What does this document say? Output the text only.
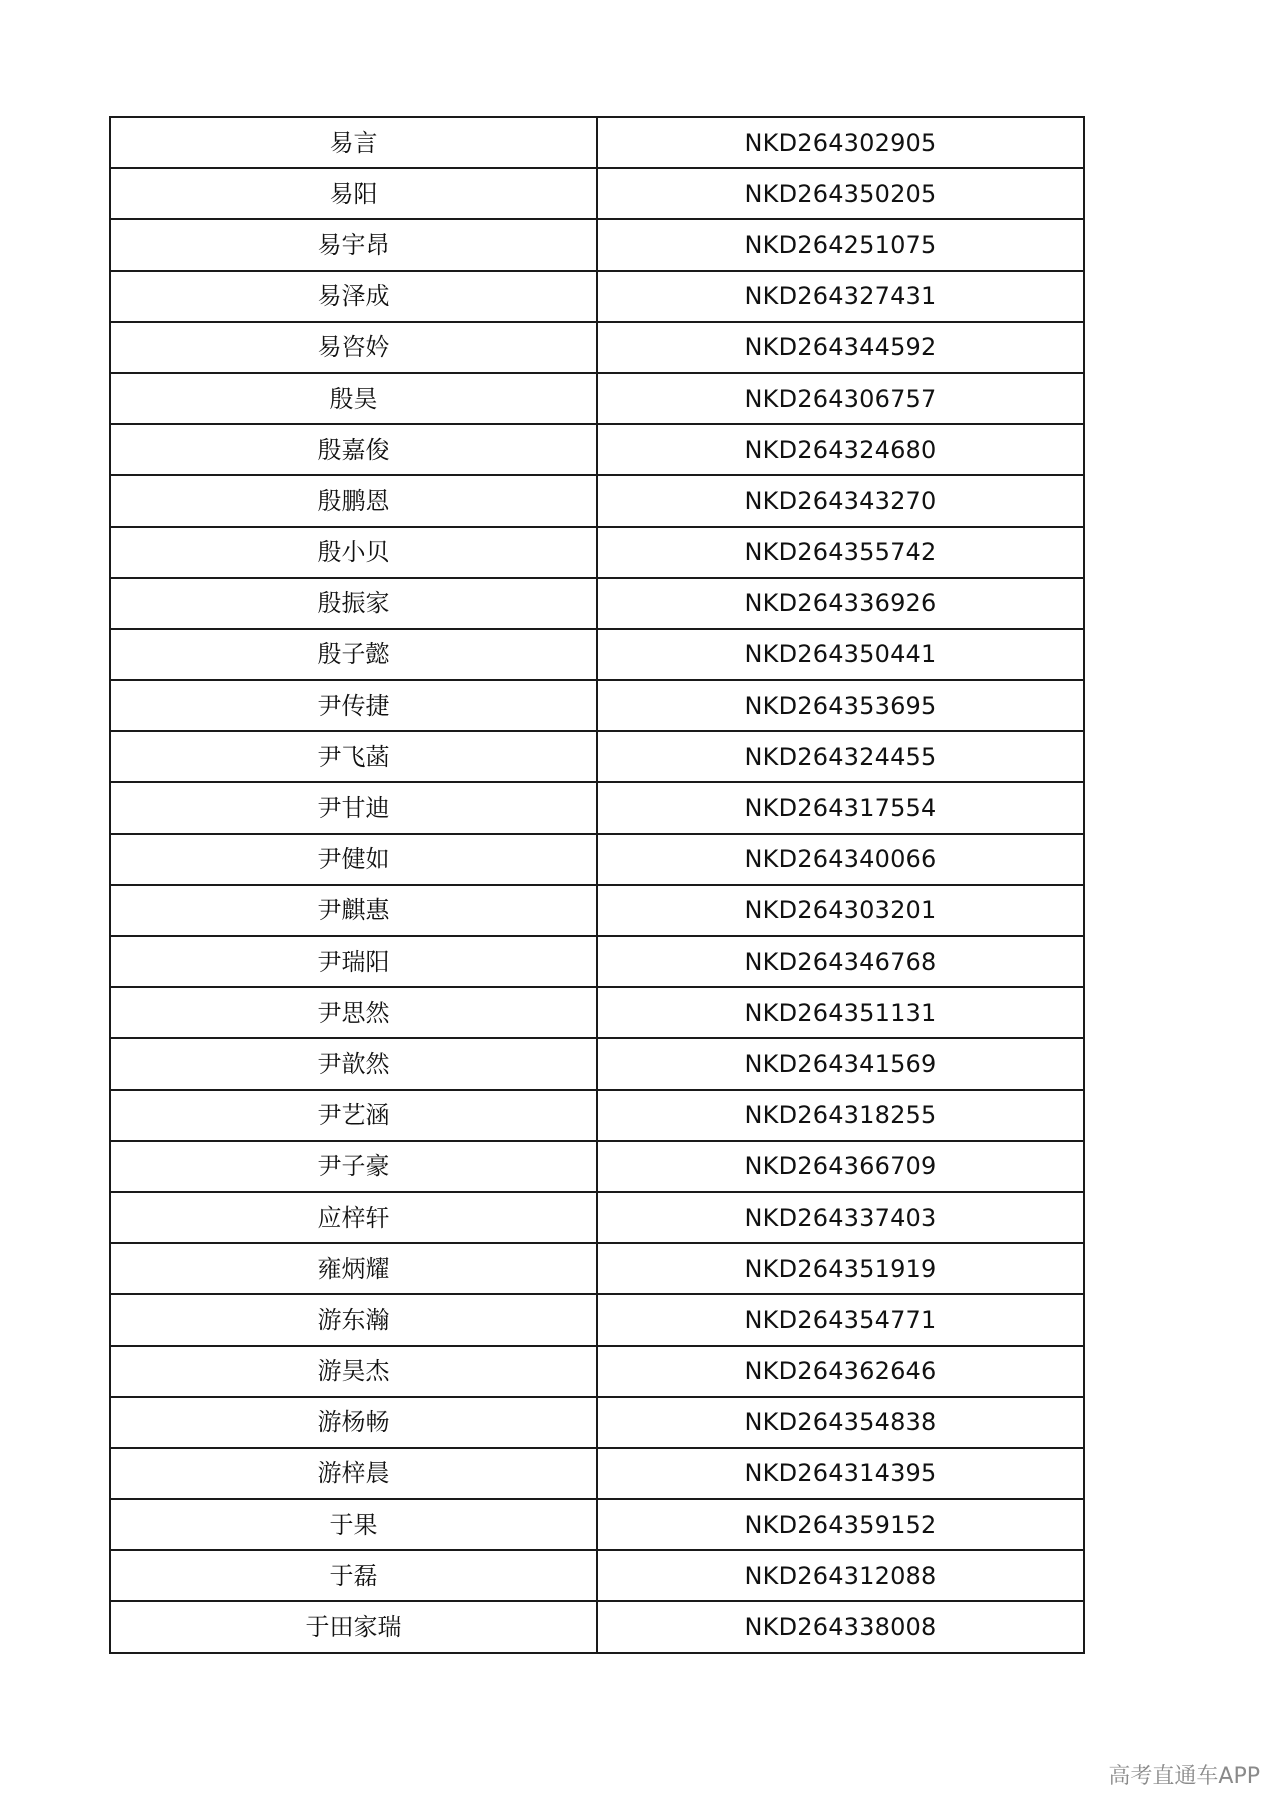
易言	NKD264302905
易阳	NKD264350205
易宇昂	NKD264251075
易泽成	NKD264327431
易咨妗	NKD264344592
殷昊	NKD264306757
殷嘉俊	NKD264324680
殷鹏恩	NKD264343270
殷小贝	NKD264355742
殷振家	NKD264336926
殷子懿	NKD264350441
尹传捷	NKD264353695
尹飞菡	NKD264324455
尹甘迪	NKD264317554
尹健如	NKD264340066
尹麒惠	NKD264303201
尹瑞阳	NKD264346768
尹思然	NKD264351131
尹歆然	NKD264341569
尹艺涵	NKD264318255
尹子豪	NKD264366709
应梓轩	NKD264337403
雍炳耀	NKD264351919
游东瀚	NKD264354771
游昊杰	NKD264362646
游杨畅	NKD264354838
游梓晨	NKD264314395
于果	NKD264359152
于磊	NKD264312088
于田家瑞	NKD264338008
高考直通车APP
